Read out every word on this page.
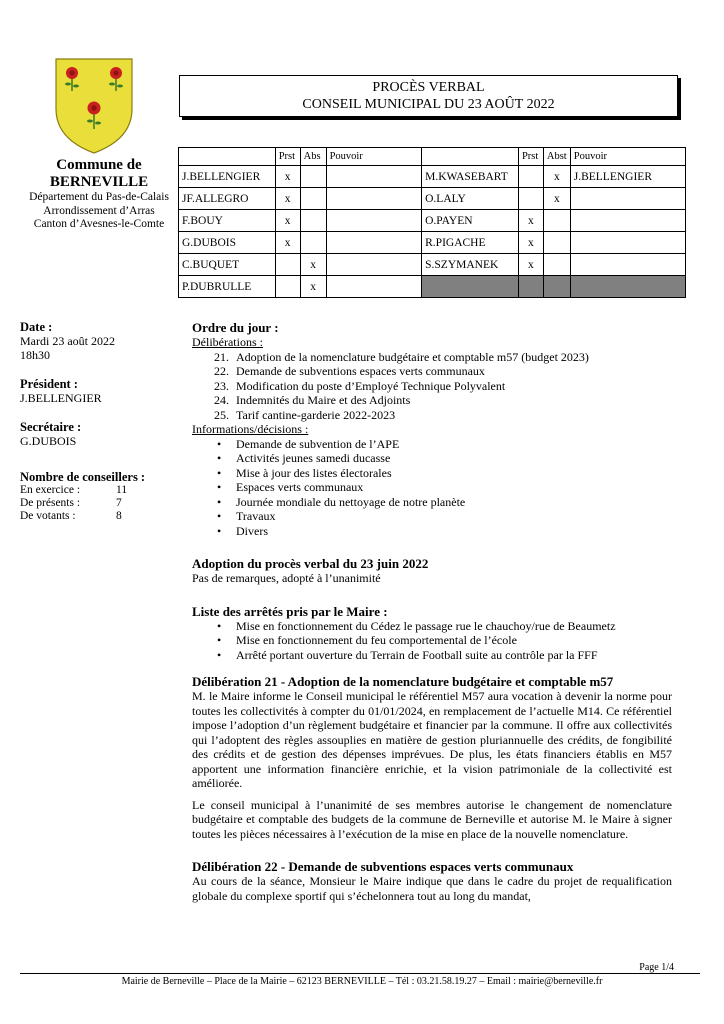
Commune de
BERNEVILLE
Département du Pas-de-Calais
Arrondissement d’Arras
Canton d’Avesnes-le-Comte
PROCÈS VERBAL
CONSEIL MUNICIPAL DU 23 AOÛT 2022
	Prst	Abs	Pouvoir		Prst	Abst	Pouvoir
J.BELLENGIER	x			M.KWASEBART		x	J.BELLENGIER
JF.ALLEGRO	x			O.LALY		x	
F.BOUY	x			O.PAYEN	x		
G.DUBOIS	x			R.PIGACHE	x		
C.BUQUET		x		S.SZYMANEK	x		
P.DUBRULLE		x					
Date :
Mardi 23 août 2022
18h30
Président :
J.BELLENGIER
Secrétaire :
G.DUBOIS
Nombre de conseillers :
En exercice :	11
De présents :	7
De votants :	8
Ordre du jour :
Délibérations :
21. Adoption de la nomenclature budgétaire et comptable m57 (budget 2023)
22. Demande de subventions espaces verts communaux
23. Modification du poste d’Employé Technique Polyvalent
24. Indemnités du Maire et des Adjoints
25. Tarif cantine-garderie 2022-2023
Informations/décisions :
•	Demande de subvention de l’APE
•	Activités jeunes samedi ducasse
•	Mise à jour des listes électorales
•	Espaces verts communaux
•	Journée mondiale du nettoyage de notre planète
•	Travaux
•	Divers
Adoption du procès verbal du 23 juin 2022
Pas de remarques, adopté à l’unanimité
Liste des arrêtés pris par le Maire :
•	Mise en fonctionnement du Cédez le passage rue le chauchoy/rue de Beaumetz
•	Mise en fonctionnement du feu comportemental de l’école
•	Arrêté portant ouverture du Terrain de Football suite au contrôle par la FFF
Délibération 21 - Adoption de la nomenclature budgétaire et comptable m57
M. le Maire informe le Conseil municipal le référentiel M57 aura vocation à devenir la norme pour toutes les collectivités à compter du 01/01/2024, en remplacement de l’actuelle M14. Ce référentiel impose l’adoption d’un règlement budgétaire et financier par la commune. Il offre aux collectivités qui l’adoptent des règles assouplies en matière de gestion pluriannuelle des crédits, de fongibilité des crédits et de gestion des dépenses imprévues. De plus, les états financiers établis en M57 apportent une information financière enrichie, et la vision patrimoniale de la collectivité est améliorée.
Le conseil municipal à l’unanimité de ses membres autorise le changement de nomenclature budgétaire et comptable des budgets de la commune de Berneville et autorise M. le Maire à signer toutes les pièces nécessaires à l’exécution de la mise en place de la nouvelle nomenclature.
Délibération 22 - Demande de subventions espaces verts communaux
Au cours de la séance, Monsieur le Maire indique que dans le cadre du projet de requalification globale du complexe sportif qui s’échelonnera tout au long du mandat,
Page 1/4
Mairie de Berneville – Place de la Mairie – 62123 BERNEVILLE – Tél : 03.21.58.19.27 – Email : mairie@berneville.fr
